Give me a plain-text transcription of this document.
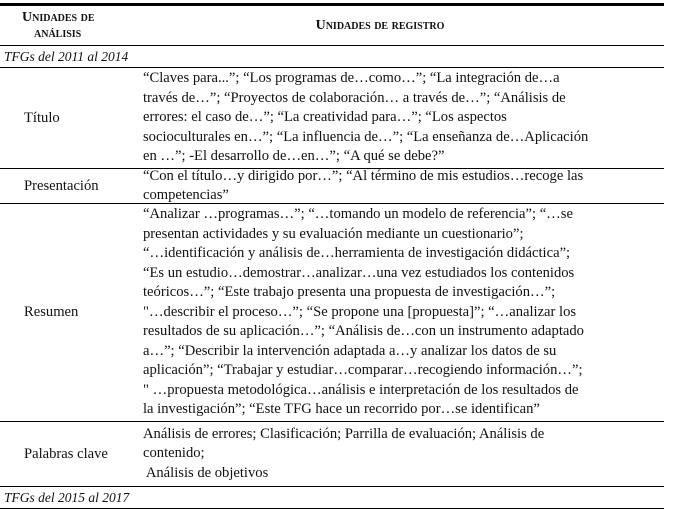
Unidades de
análisis
Unidades de registro
TFGs del 2011 al 2014
Título
“Claves para...”; “Los programas de…como…”; “La integración de…a
través de…”; “Proyectos de colaboración… a través de…”; “Análisis de
errores: el caso de…”; “La creatividad para…”; “Los aspectos
socioculturales en…”; “La influencia de…”; “La enseñanza de…Aplicación
en …”; -El desarrollo de…en…”; “A qué se debe?”
Presentación
“Con el título…y dirigido por…”; “Al término de mis estudios…recoge las
competencias”
Resumen
“Analizar …programas…”; “…tomando un modelo de referencia”; “…se
presentan actividades y su evaluación mediante un cuestionario”;
“…identificación y análisis de…herramienta de investigación didáctica”;
“Es un estudio…demostrar…analizar…una vez estudiados los contenidos
teóricos…”; “Este trabajo presenta una propuesta de investigación…”;
"…describir el proceso…”; “Se propone una [propuesta]”; “…analizar los
resultados de su aplicación…”; “Análisis de…con un instrumento adaptado
a…”; “Describir la intervención adaptada a…y analizar los datos de su
aplicación”; “Trabajar y estudiar…comparar…recogiendo información…”;
" …propuesta metodológica…análisis e interpretación de los resultados de
la investigación”; “Este TFG hace un recorrido por…se identifican”
Palabras clave
Análisis de errores; Clasificación; Parrilla de evaluación; Análisis de
contenido;
Análisis de objetivos
TFGs del 2015 al 2017
